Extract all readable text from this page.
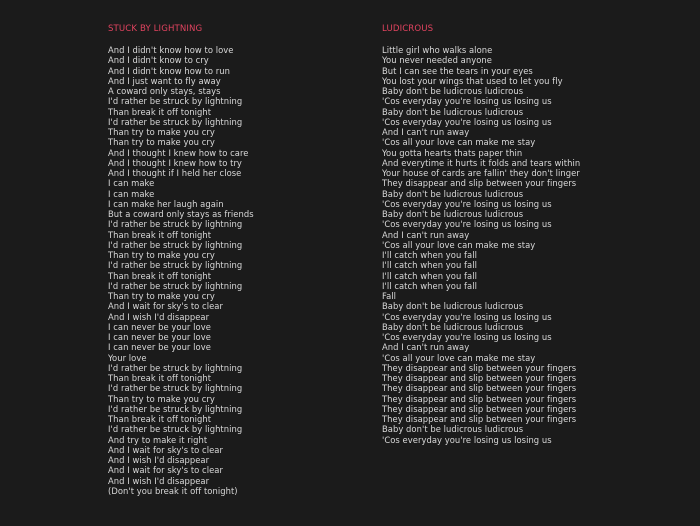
STUCK BY LIGHTNING
And I didn't know how to love
And I didn't know to cry
And I didn't know how to run
And I just want to fly away
A coward only stays, stays
I'd rather be struck by lightning
Than break it off tonight
I'd rather be struck by lightning
Than try to make you cry
Than try to make you cry
And I thought I knew how to care
And I thought I knew how to try
And I thought if I held her close
I can make
I can make
I can make her laugh again
But a coward only stays as friends
I'd rather be struck by lightning
Than break it off tonight
I'd rather be struck by lightning
Than try to make you cry
I'd rather be struck by lightning
Than break it off tonight
I'd rather be struck by lightning
Than try to make you cry
And I wait for sky's to clear
And I wish I'd disappear
I can never be your love
I can never be your love
I can never be your love
Your love
I'd rather be struck by lightning
Than break it off tonight
I'd rather be struck by lightning
Than try to make you cry
I'd rather be struck by lightning
Than break it off tonight
I'd rather be struck by lightning
And try to make it right
And I wait for sky's to clear
And I wish I'd disappear
And I wait for sky's to clear
And I wish I'd disappear
(Don't you break it off tonight)
LUDICROUS
Little girl who walks alone
You never needed anyone
But I can see the tears in your eyes
You lost your wings that used to let you fly
Baby don't be ludicrous ludicrous
'Cos everyday you're losing us losing us
Baby don't be ludicrous ludicrous
'Cos everyday you're losing us losing us
And I can't run away
'Cos all your love can make me stay
You gotta hearts thats paper thin
And everytime it hurts it folds and tears within
Your house of cards are fallin' they don't linger
They disappear and slip between your fingers
Baby don't be ludicrous ludicrous
'Cos everyday you're losing us losing us
Baby don't be ludicrous ludicrous
'Cos everyday you're losing us losing us
And I can't run away
'Cos all your love can make me stay
I'll catch when you fall
I'll catch when you fall
I'll catch when you fall
I'll catch when you fall
Fall
Baby don't be ludicrous ludicrous
'Cos everyday you're losing us losing us
Baby don't be ludicrous ludicrous
'Cos everyday you're losing us losing us
And I can't run away
'Cos all your love can make me stay
They disappear and slip between your fingers
They disappear and slip between your fingers
They disappear and slip between your fingers
They disappear and slip between your fingers
They disappear and slip between your fingers
They disappear and slip between your fingers
Baby don't be ludicrous ludicrous
'Cos everyday you're losing us losing us
